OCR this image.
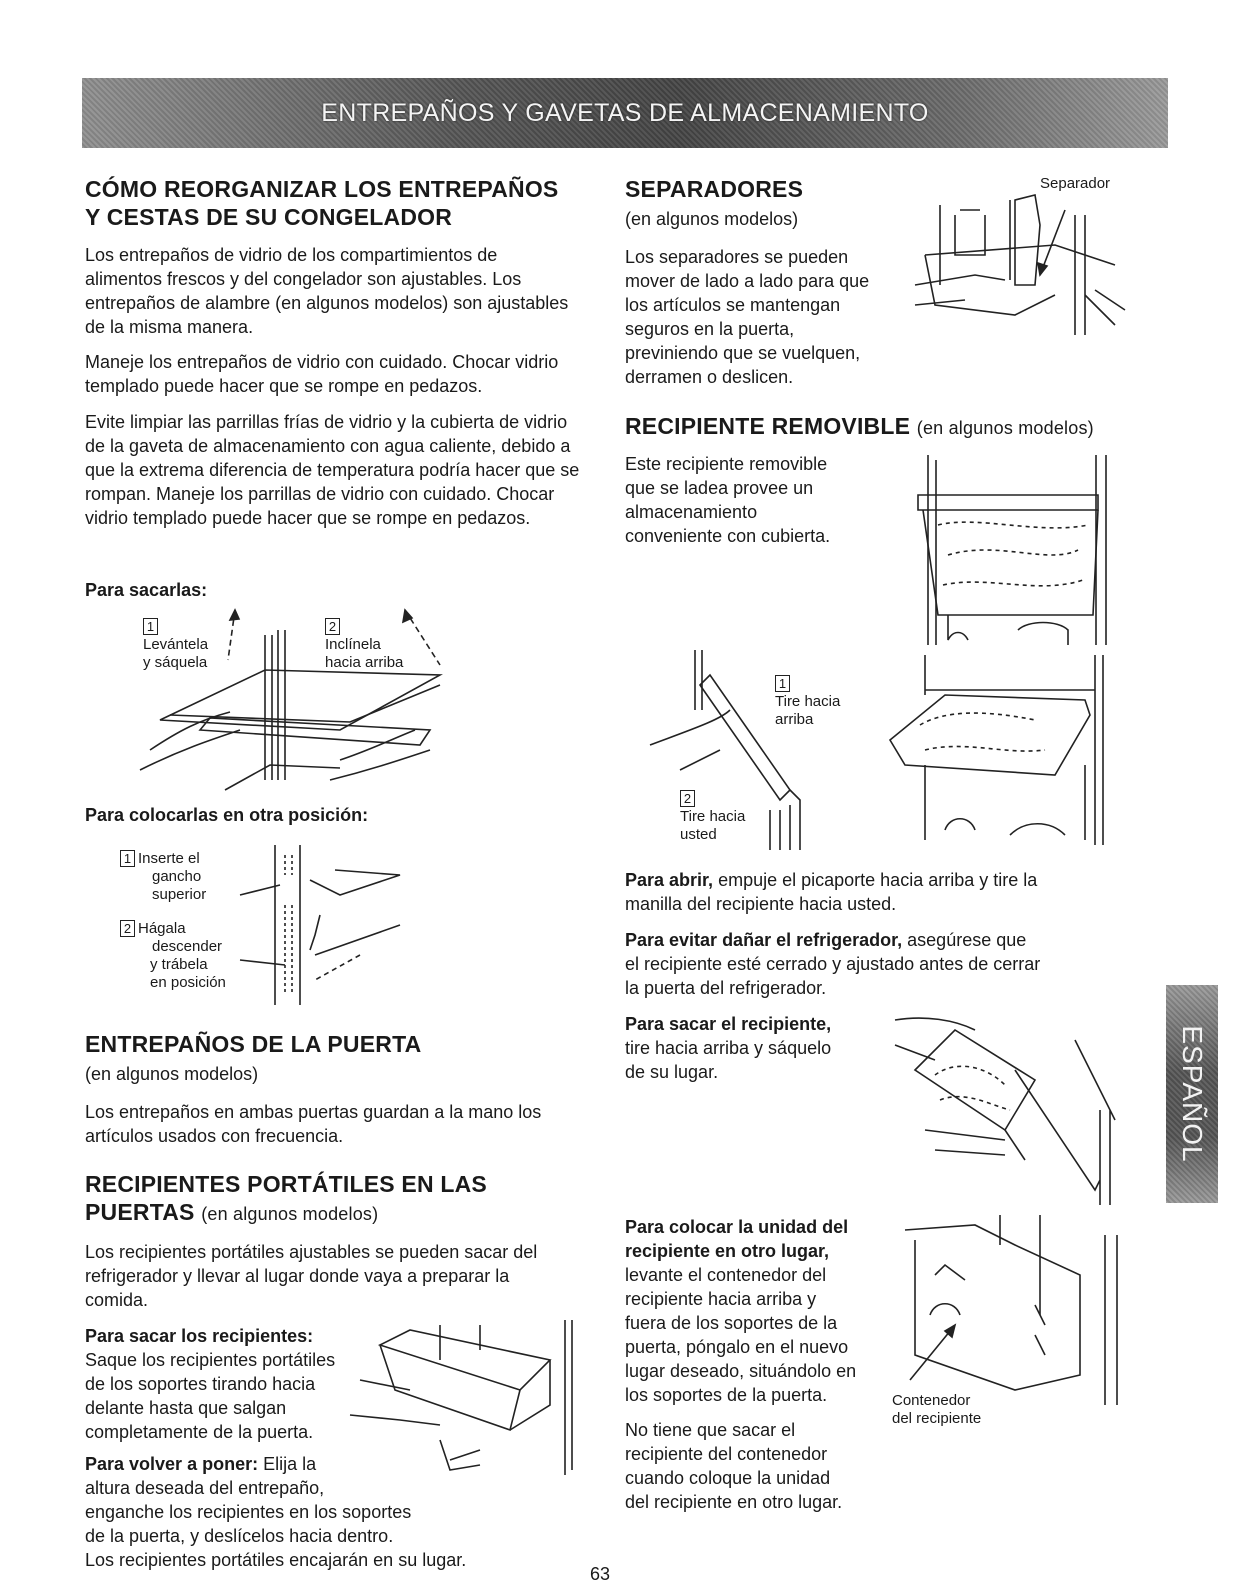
ENTREPAÑOS Y GAVETAS DE ALMACENAMIENTO
CÓMO REORGANIZAR LOS ENTREPAÑOS
Y CESTAS DE SU CONGELADOR

Los entrepaños de vidrio de los compartimientos de alimentos frescos y del congelador son ajustables. Los entrepaños de alambre (en algunos modelos) son ajustables de la misma manera.

Maneje los entrepaños de vidrio con cuidado. Chocar vidrio templado puede hacer que se rompe en pedazos.

Evite limpiar las parrillas frías de vidrio y la cubierta de vidrio de la gaveta de almacenamiento con agua caliente, debido a que la extrema diferencia de temperatura podría hacer que se rompan. Maneje los parrillas de vidrio con cuidado. Chocar vidrio templado puede hacer que se rompe en pedazos.

Para sacarlas:

1
Levántela
y sáquela
2
Inclínela
hacia arriba

Para colocarlas en otra posición:

1 Inserte el
gancho
superior
2 Hágala
descender
y trábela
en posición
ENTREPAÑOS DE LA PUERTA

(en algunos modelos)

Los entrepaños en ambas puertas guardan a la mano los artículos usados con frecuencia.

RECIPIENTES PORTÁTILES EN LAS
PUERTAS (en algunos modelos)

Los recipientes portátiles ajustables se pueden sacar del refrigerador y llevar al lugar donde vaya a preparar la comida.

Para sacar los recipientes:

Saque los recipientes portátiles

de los soportes tirando hacia

delante hasta que salgan

completamente de la puerta.

Para volver a poner: Elija la

altura deseada del entrepaño,

enganche los recipientes en los soportes

de la puerta, y deslícelos hacia dentro.

Los recipientes portátiles encajarán en su lugar.

SEPARADORES

(en algunos modelos)

Los separadores se pueden

mover de lado a lado para que

los artículos se mantengan

seguros en la puerta,

previniendo que se vuelquen,

derramen o deslicen.

Separador
RECIPIENTE REMOVIBLE (en algunos modelos)

Este recipiente removible

que se ladea provee un

almacenamiento

conveniente con cubierta.

1
Tire hacia
arriba
2
Tire hacia
usted

Para abrir, empuje el picaporte hacia arriba y tire la

manilla del recipiente hacia usted.

Para evitar dañar el refrigerador, asegúrese que

el recipiente esté cerrado y ajustado antes de cerrar

la puerta del refrigerador.

Para sacar el recipiente,

tire hacia arriba y sáquelo

de su lugar.

Para colocar la unidad del

recipiente en otro lugar,

levante el contenedor del

recipiente hacia arriba y

fuera de los soportes de la

puerta, póngalo en el nuevo

lugar deseado, situándolo en

los soportes de la puerta.

No tiene que sacar el

recipiente del contenedor

cuando coloque la unidad

del recipiente en otro lugar.

Contenedor
del recipiente
ESPAÑOL
63
